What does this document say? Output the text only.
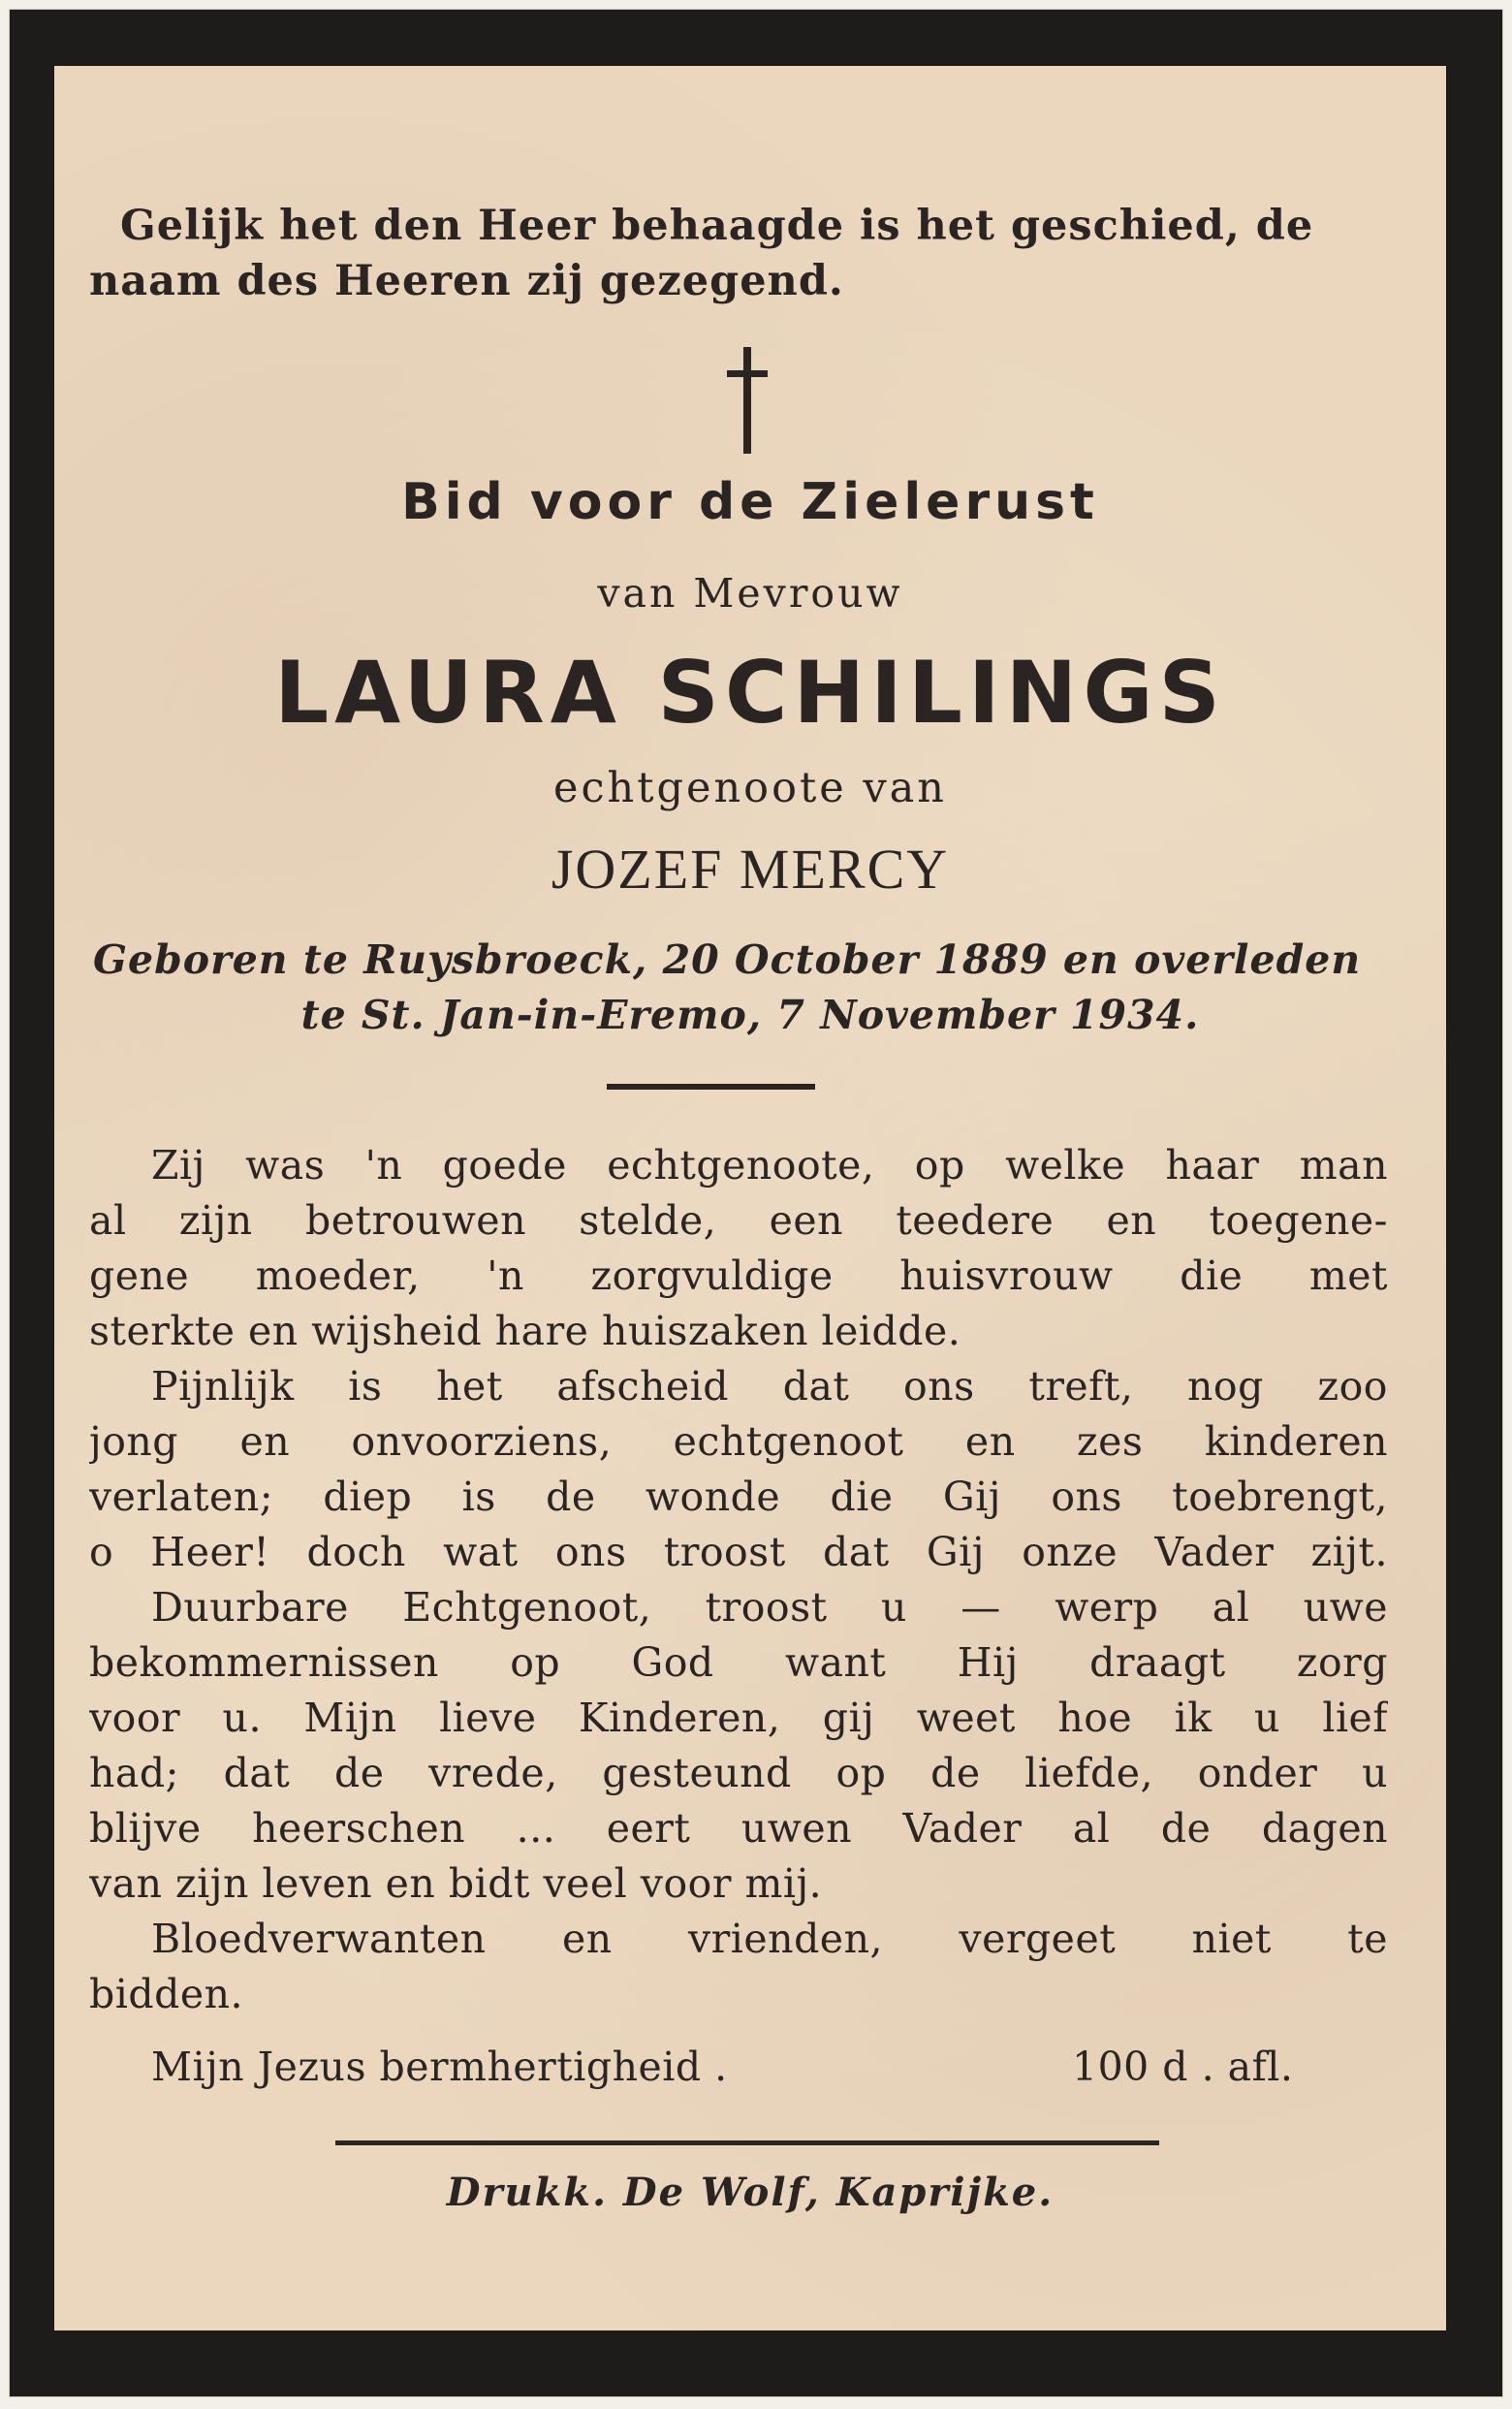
Gelijk het den Heer behaagde is het geschied, de
naam des Heeren zij gezegend.
Bid voor de Zielerust
van Mevrouw
LAURA SCHILINGS
echtgenoote van
JOZEF MERCY
Geboren te Ruysbroeck, 20 October 1889 en overleden
te St. Jan-in-Eremo, 7 November 1934.
Zij was 'n goede echtgenoote, op welke haar man
al zijn betrouwen stelde, een teedere en toegene-
gene moeder, 'n zorgvuldige huisvrouw die met
sterkte en wijsheid hare huiszaken leidde.
Pijnlijk is het afscheid dat ons treft, nog zoo
jong en onvoorziens, echtgenoot en zes kinderen
verlaten; diep is de wonde die Gij ons toebrengt,
o Heer! doch wat ons troost dat Gij onze Vader zijt.
Duurbare Echtgenoot, troost u — werp al uwe
bekommernissen op God want Hij draagt zorg
voor u. Mijn lieve Kinderen, gij weet hoe ik u lief
had; dat de vrede, gesteund op de liefde, onder u
blijve heerschen ... eert uwen Vader al de dagen
van zijn leven en bidt veel voor mij.
Bloedverwanten en vrienden, vergeet niet te
bidden.
Mijn Jezus bermhertigheid .	100 d . afl.
Drukk. De Wolf, Kaprijke.
